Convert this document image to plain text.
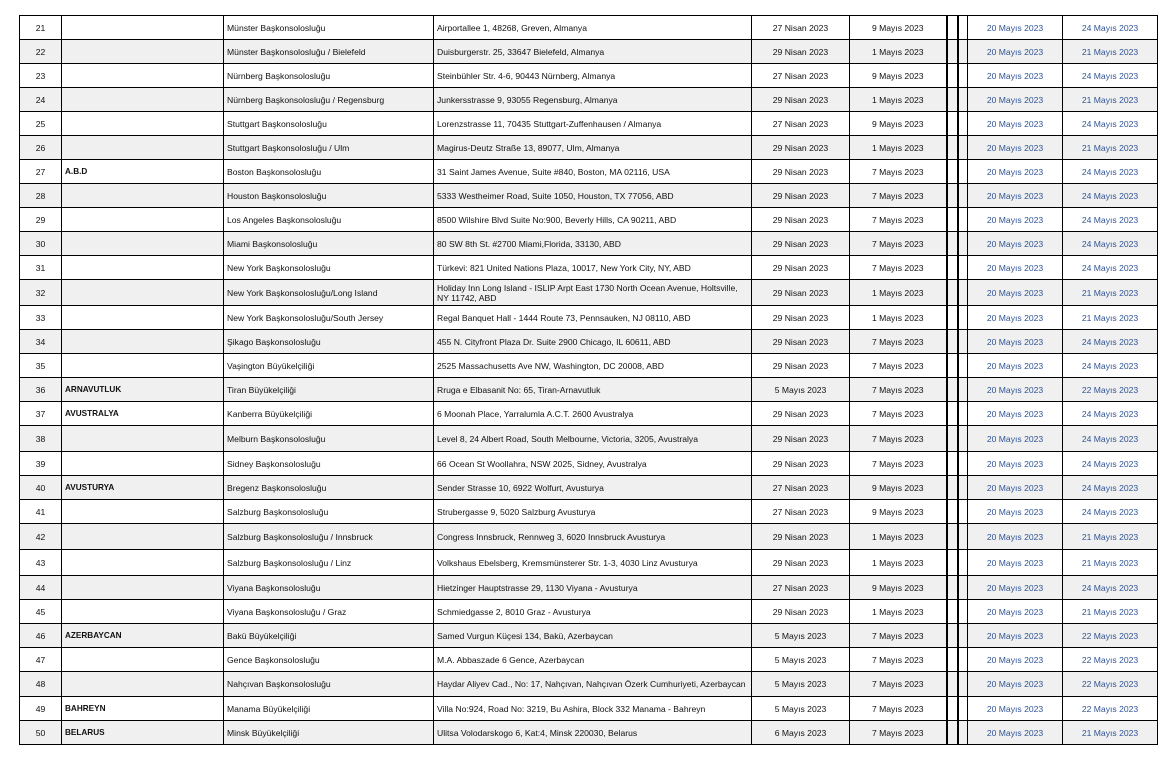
21		Münster Başkonsolosluğu	Airportallee 1, 48268, Greven, Almanya	27 Nisan 2023	9 Mayıs 2023			20 Mayıs 2023	24 Mayıs 2023
22		Münster Başkonsolosluğu / Bielefeld	Duisburgerstr. 25, 33647 Bielefeld, Almanya	29 Nisan 2023	1 Mayıs 2023			20 Mayıs 2023	21 Mayıs 2023
23		Nürnberg Başkonsolosluğu	Steinbühler Str. 4-6, 90443 Nürnberg, Almanya	27 Nisan 2023	9 Mayıs 2023			20 Mayıs 2023	24 Mayıs 2023
24		Nürnberg Başkonsolosluğu / Regensburg	Junkersstrasse 9, 93055 Regensburg, Almanya	29 Nisan 2023	1 Mayıs 2023			20 Mayıs 2023	21 Mayıs 2023
25		Stuttgart Başkonsolosluğu	Lorenzstrasse 11, 70435 Stuttgart-Zuffenhausen / Almanya	27 Nisan 2023	9 Mayıs 2023			20 Mayıs 2023	24 Mayıs 2023
26		Stuttgart Başkonsolosluğu / Ulm	Magirus-Deutz Straße 13, 89077, Ulm, Almanya	29 Nisan 2023	1 Mayıs 2023			20 Mayıs 2023	21 Mayıs 2023
27	A.B.D	Boston Başkonsolosluğu	31 Saint James Avenue, Suite #840, Boston, MA 02116, USA	29 Nisan 2023	7 Mayıs 2023			20 Mayıs 2023	24 Mayıs 2023
28		Houston Başkonsolosluğu	5333 Westheimer Road, Suite 1050, Houston, TX 77056, ABD	29 Nisan 2023	7 Mayıs 2023			20 Mayıs 2023	24 Mayıs 2023
29		Los Angeles Başkonsolosluğu	8500 Wilshire Blvd Suite No:900, Beverly Hills, CA 90211, ABD	29 Nisan 2023	7 Mayıs 2023			20 Mayıs 2023	24 Mayıs 2023
30		Miami Başkonsolosluğu	80 SW 8th St. #2700 Miami,Florida, 33130, ABD	29 Nisan 2023	7 Mayıs 2023			20 Mayıs 2023	24 Mayıs 2023
31		New York Başkonsolosluğu	Türkevi: 821 United Nations Plaza, 10017, New York City, NY, ABD	29 Nisan 2023	7 Mayıs 2023			20 Mayıs 2023	24 Mayıs 2023
32		New York Başkonsolosluğu/Long Island	Holiday Inn Long Island - ISLIP Arpt East 1730 North Ocean Avenue, Holtsville, NY 11742, ABD	29 Nisan 2023	1 Mayıs 2023			20 Mayıs 2023	21 Mayıs 2023
33		New York Başkonsolosluğu/South Jersey	Regal Banquet Hall - 1444 Route 73, Pennsauken, NJ 08110, ABD	29 Nisan 2023	1 Mayıs 2023			20 Mayıs 2023	21 Mayıs 2023
34		Şikago Başkonsolosluğu	455 N. Cityfront Plaza Dr. Suite 2900 Chicago, IL 60611, ABD	29 Nisan 2023	7 Mayıs 2023			20 Mayıs 2023	24 Mayıs 2023
35		Vaşington Büyükelçiliği	2525 Massachusetts Ave NW, Washington, DC 20008, ABD	29 Nisan 2023	7 Mayıs 2023			20 Mayıs 2023	24 Mayıs 2023
36	ARNAVUTLUK	Tiran Büyükelçiliği	Rruga e Elbasanit No: 65, Tiran-Arnavutluk	5 Mayıs 2023	7 Mayıs 2023			20 Mayıs 2023	22 Mayıs 2023
37	AVUSTRALYA	Kanberra Büyükelçiliği	6 Moonah Place, Yarralumla A.C.T. 2600 Avustralya	29 Nisan 2023	7 Mayıs 2023			20 Mayıs 2023	24 Mayıs 2023
38		Melburn Başkonsolosluğu	Level 8, 24 Albert Road, South Melbourne, Victoria, 3205, Avustralya	29 Nisan 2023	7 Mayıs 2023			20 Mayıs 2023	24 Mayıs 2023
39		Sidney Başkonsolosluğu	66 Ocean St Woollahra, NSW 2025, Sidney, Avustralya	29 Nisan 2023	7 Mayıs 2023			20 Mayıs 2023	24 Mayıs 2023
40	AVUSTURYA	Bregenz Başkonsolosluğu	Sender Strasse 10, 6922 Wolfurt, Avusturya	27 Nisan 2023	9 Mayıs 2023			20 Mayıs 2023	24 Mayıs 2023
41		Salzburg Başkonsolosluğu	Strubergasse 9, 5020 Salzburg Avusturya	27 Nisan 2023	9 Mayıs 2023			20 Mayıs 2023	24 Mayıs 2023
42		Salzburg Başkonsolosluğu / Innsbruck	Congress Innsbruck, Rennweg 3, 6020 Innsbruck Avusturya	29 Nisan 2023	1 Mayıs 2023			20 Mayıs 2023	21 Mayıs 2023
43		Salzburg Başkonsolosluğu / Linz	Volkshaus Ebelsberg, Kremsmünsterer Str. 1-3, 4030 Linz Avusturya	29 Nisan 2023	1 Mayıs 2023			20 Mayıs 2023	21 Mayıs 2023
44		Viyana Başkonsolosluğu	Hietzinger Hauptstrasse 29, 1130 Viyana - Avusturya	27 Nisan 2023	9 Mayıs 2023			20 Mayıs 2023	24 Mayıs 2023
45		Viyana Başkonsolosluğu / Graz	Schmiedgasse 2, 8010 Graz - Avusturya	29 Nisan 2023	1 Mayıs 2023			20 Mayıs 2023	21 Mayıs 2023
46	AZERBAYCAN	Bakü Büyükelçiliği	Samed Vurgun Küçesi 134, Bakü, Azerbaycan	5 Mayıs 2023	7 Mayıs 2023			20 Mayıs 2023	22 Mayıs 2023
47		Gence Başkonsolosluğu	M.A. Abbaszade 6 Gence, Azerbaycan	5 Mayıs 2023	7 Mayıs 2023			20 Mayıs 2023	22 Mayıs 2023
48		Nahçıvan Başkonsolosluğu	Haydar Aliyev Cad., No: 17, Nahçıvan, Nahçıvan Özerk Cumhuriyeti, Azerbaycan	5 Mayıs 2023	7 Mayıs 2023			20 Mayıs 2023	22 Mayıs 2023
49	BAHREYN	Manama Büyükelçiliği	Villa No:924, Road No: 3219, Bu Ashira, Block 332 Manama - Bahreyn	5 Mayıs 2023	7 Mayıs 2023			20 Mayıs 2023	22 Mayıs 2023
50	BELARUS	Minsk Büyükelçiliği	Ulitsa Volodarskogo 6, Kat:4, Minsk 220030, Belarus	6 Mayıs 2023	7 Mayıs 2023			20 Mayıs 2023	21 Mayıs 2023
